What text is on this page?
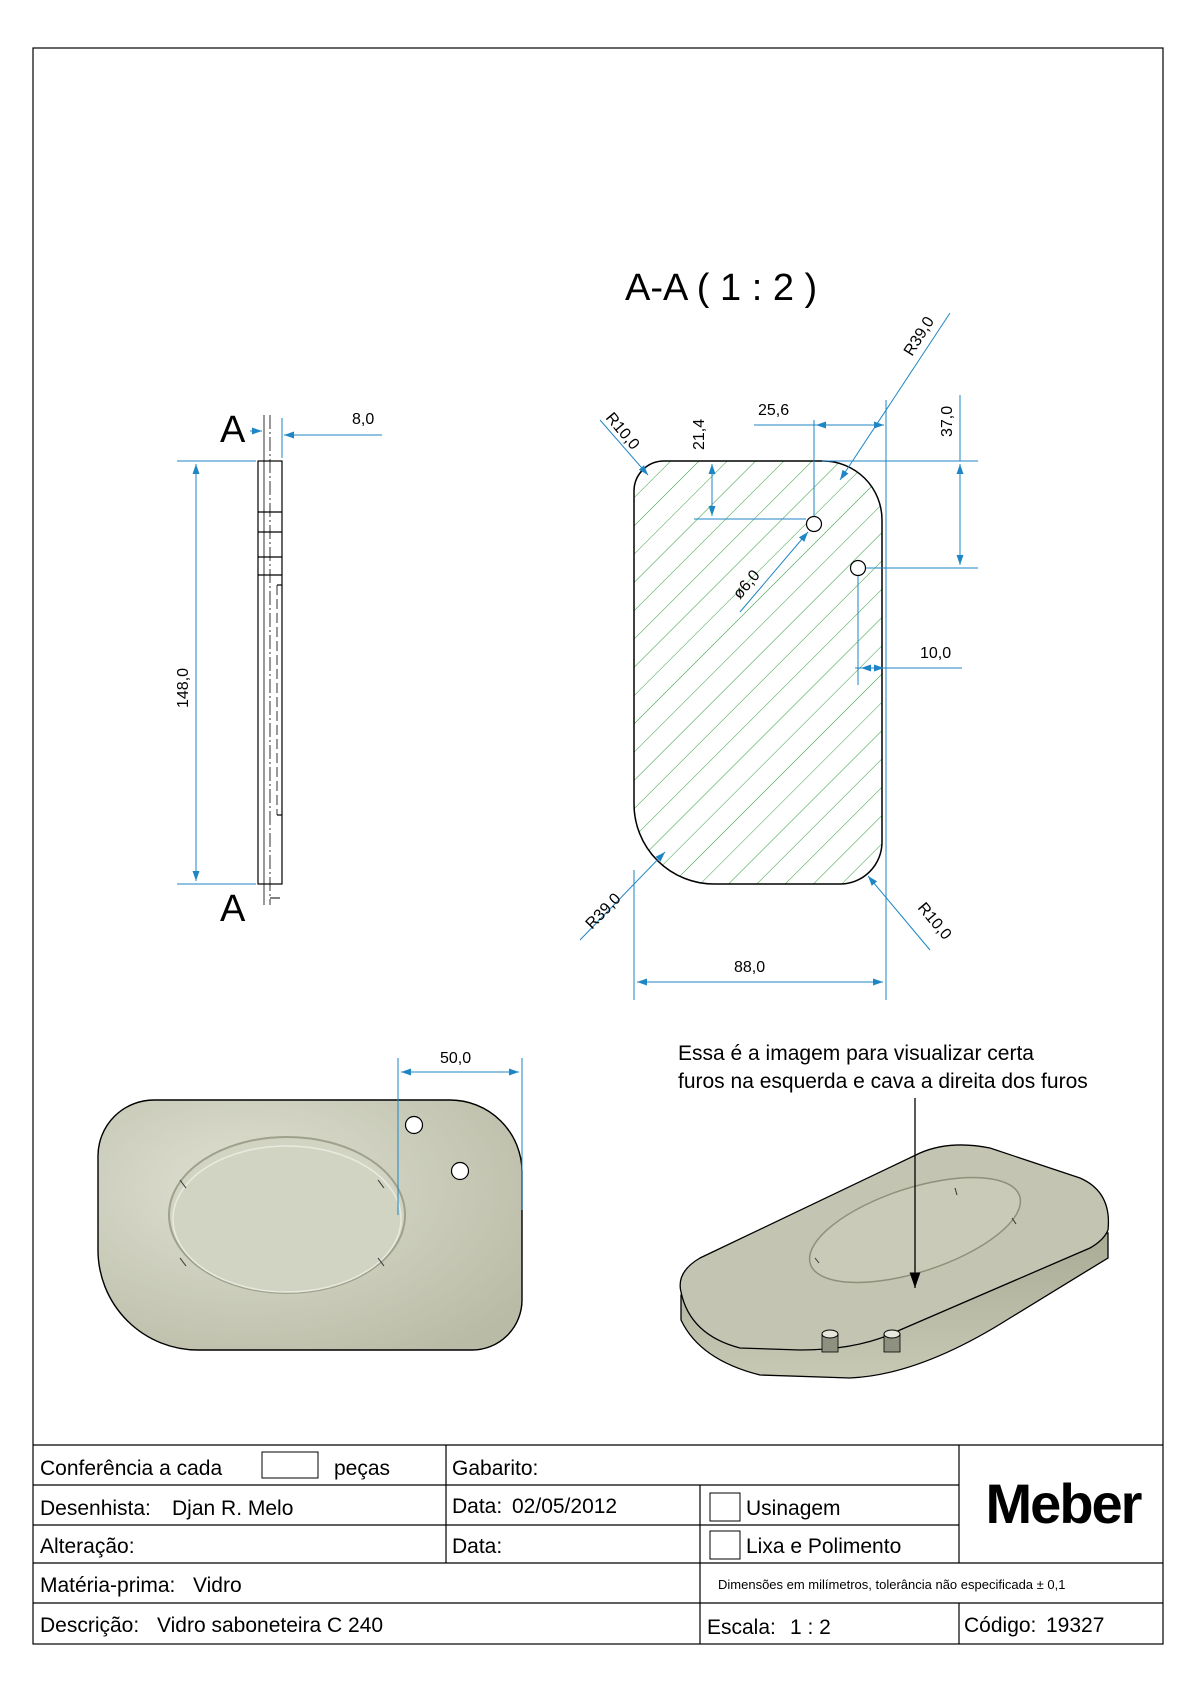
A
A
8,0
148,0
A-A ( 1 : 2 )
21,4
25,6	37,0
R39,0
R10,0
ø6,0
10,0
R39,0	R10,0
88,0
50,0	Essa é a imagem para visualizar certa
furos na esquerda e cava a direita dos furos
Conferência a cada	peças	Gabarito:
Desenhista: Djan R. Melo	Data: 02/05/2012	Usinagem
Alteração:	Data:	Lixa e Polimento
Matéria-prima: Vidro	Dimensões em milímetros, tolerância não especificada ± 0,1
Descrição: Vidro saboneteira C 240	Escala: 1 : 2	Código: 19327
Meber
